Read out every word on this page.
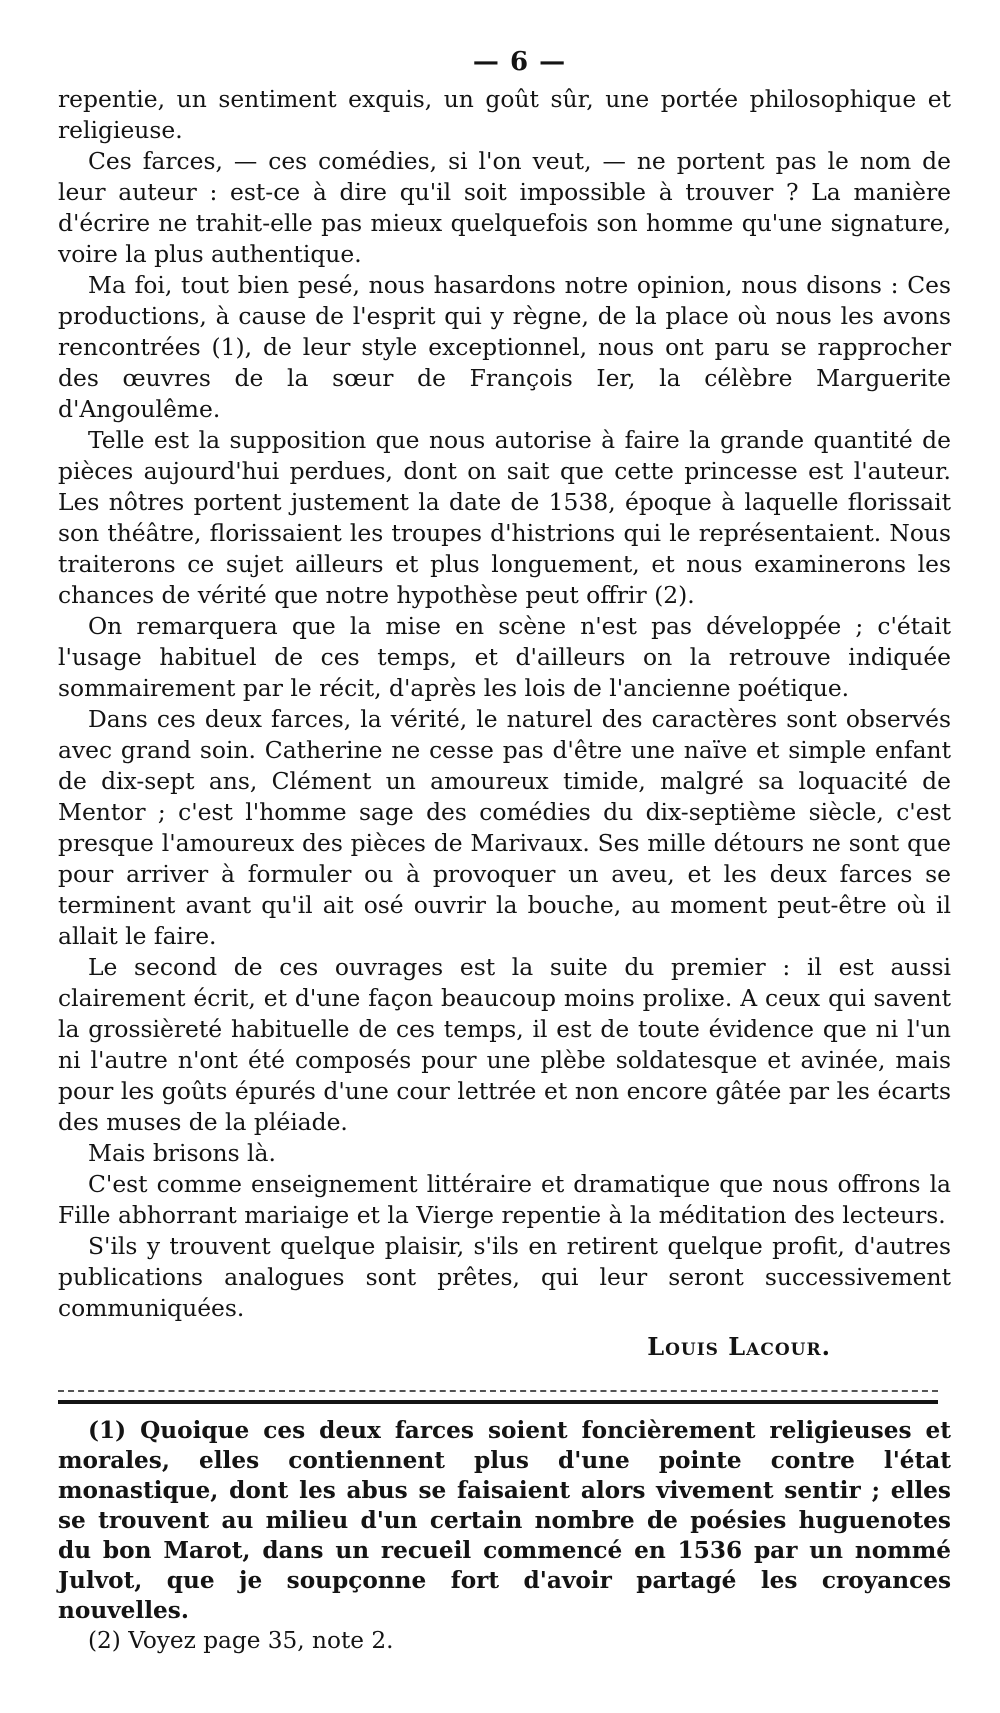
— 6 —

repentie, un sentiment exquis, un goût sûr, une portée philosophique et religieuse.

Ces farces, — ces comédies, si l'on veut, — ne portent pas le nom de leur auteur : est-ce à dire qu'il soit impossible à trouver ? La manière d'écrire ne trahit-elle pas mieux quelquefois son homme qu'une signature, voire la plus authentique.

Ma foi, tout bien pesé, nous hasardons notre opinion, nous disons : Ces productions, à cause de l'esprit qui y règne, de la place où nous les avons rencontrées (1), de leur style exceptionnel, nous ont paru se rapprocher des œuvres de la sœur de François Ier, la célèbre Marguerite d'Angoulême.

Telle est la supposition que nous autorise à faire la grande quantité de pièces aujourd'hui perdues, dont on sait que cette princesse est l'auteur. Les nôtres portent justement la date de 1538, époque à laquelle florissait son théâtre, florissaient les troupes d'histrions qui le représentaient. Nous traiterons ce sujet ailleurs et plus longuement, et nous examinerons les chances de vérité que notre hypothèse peut offrir (2).

On remarquera que la mise en scène n'est pas développée ; c'était l'usage habituel de ces temps, et d'ailleurs on la retrouve indiquée sommairement par le récit, d'après les lois de l'ancienne poétique.

Dans ces deux farces, la vérité, le naturel des caractères sont observés avec grand soin. Catherine ne cesse pas d'être une naïve et simple enfant de dix-sept ans, Clément un amoureux timide, malgré sa loquacité de Mentor ; c'est l'homme sage des comédies du dix-septième siècle, c'est presque l'amoureux des pièces de Marivaux. Ses mille détours ne sont que pour arriver à formuler ou à provoquer un aveu, et les deux farces se terminent avant qu'il ait osé ouvrir la bouche, au moment peut-être où il allait le faire.

Le second de ces ouvrages est la suite du premier : il est aussi clairement écrit, et d'une façon beaucoup moins prolixe. A ceux qui savent la grossièreté habituelle de ces temps, il est de toute évidence que ni l'un ni l'autre n'ont été composés pour une plèbe soldatesque et avinée, mais pour les goûts épurés d'une cour lettrée et non encore gâtée par les écarts des muses de la pléiade.

Mais brisons là.

C'est comme enseignement littéraire et dramatique que nous offrons la Fille abhorrant mariaige et la Vierge repentie à la méditation des lecteurs.

S'ils y trouvent quelque plaisir, s'ils en retirent quelque profit, d'autres publications analogues sont prêtes, qui leur seront successivement communiquées.

Louis Lacour.

(1) Quoique ces deux farces soient foncièrement religieuses et morales, elles contiennent plus d'une pointe contre l'état monastique, dont les abus se faisaient alors vivement sentir ; elles se trouvent au milieu d'un certain nombre de poésies huguenotes du bon Marot, dans un recueil commencé en 1536 par un nommé Julvot, que je soupçonne fort d'avoir partagé les croyances nouvelles.

(2) Voyez page 35, note 2.
